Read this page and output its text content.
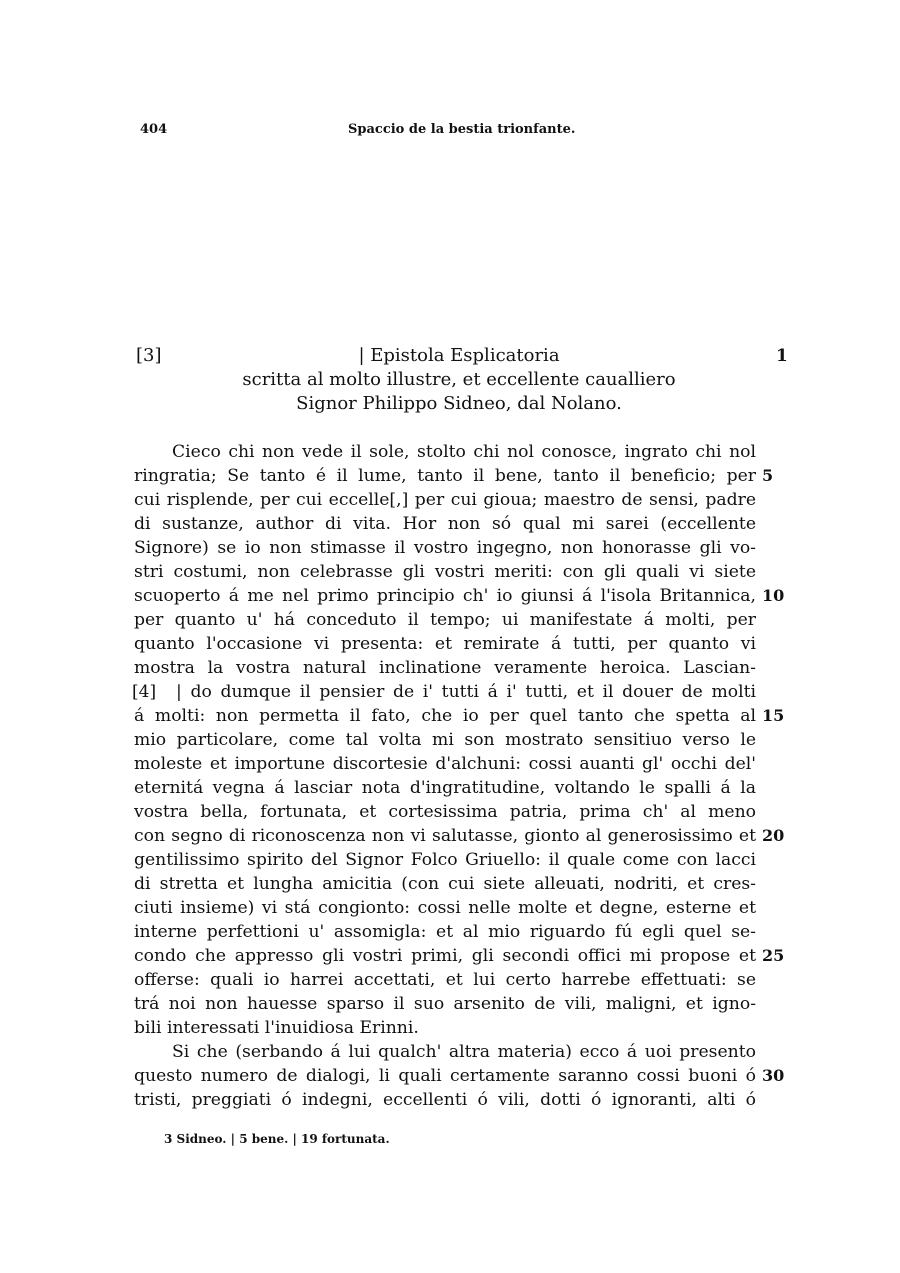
404	Spaccio de la bestia trionfante.
[3]	| Epistola Esplicatoria	1
scritta al molto illustre, et eccellente caualliero
Signor Philippo Sidneo, dal Nolano.
Cieco chi non vede il sole, stolto chi nol conosce, ingrato chi nol
ringratia; Se tanto é il lume, tanto il bene, tanto il beneficio; per 5
cui risplende, per cui eccelle[,] per cui gioua; maestro de sensi, padre
di sustanze, author di vita. Hor non só qual mi sarei (eccellente
Signore) se io non stimasse il vostro ingegno, non honorasse gli vo-
stri costumi, non celebrasse gli vostri meriti: con gli quali vi siete
scuoperto á me nel primo principio ch' io giunsi á l'isola Britannica, 10
per quanto u' há conceduto il tempo; ui manifestate á molti, per
quanto l'occasione vi presenta: et remirate á tutti, per quanto vi
mostra la vostra natural inclinatione veramente heroica. Lascian-
[4]	| do dumque il pensier de i' tutti á i' tutti, et il douer de molti
á molti: non permetta il fato, che io per quel tanto che spetta al 15
mio particolare, come tal volta mi son mostrato sensitiuo verso le
moleste et importune discortesie d'alchuni: cossi auanti gl' occhi del'
eternitá vegna á lasciar nota d'ingratitudine, voltando le spalli á la
vostra bella, fortunata, et cortesissima patria, prima ch' al meno
con segno di riconoscenza non vi salutasse, gionto al generosissimo et 20
gentilissimo spirito del Signor Folco Griuello: il quale come con lacci
di stretta et lungha amicitia (con cui siete alleuati, nodriti, et cres-
ciuti insieme) vi stá congionto: cossi nelle molte et degne, esterne et
interne perfettioni u' assomigla: et al mio riguardo fú egli quel se-
condo che appresso gli vostri primi, gli secondi offici mi propose et 25
offerse: quali io harrei accettati, et lui certo harrebe effettuati: se
trá noi non hauesse sparso il suo arsenito de vili, maligni, et igno-
bili interessati l'inuidiosa Erinni.
Si che (serbando á lui qualch' altra materia) ecco á uoi presento
questo numero de dialogi, li quali certamente saranno cossi buoni ó 30
tristi, preggiati ó indegni, eccellenti ó vili, dotti ó ignoranti, alti ó
3 Sidneo. | 5 bene. | 19 fortunata.
